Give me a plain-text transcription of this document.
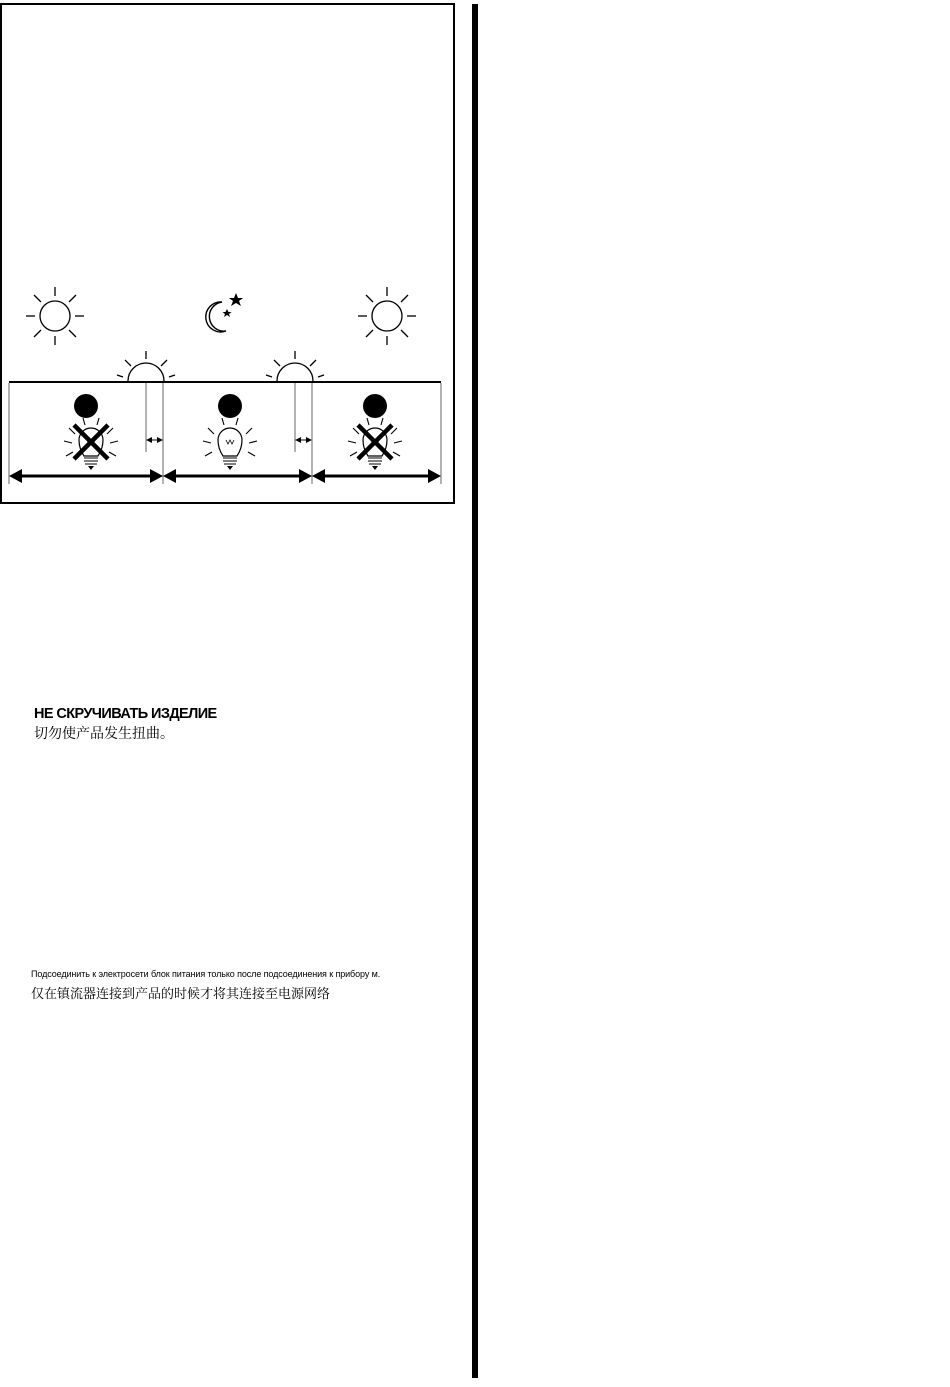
НЕ СКРУЧИВАТЬ ИЗДЕЛИЕ
切勿使产品发生扭曲。
Подсоединить к электросети блок питания только после подсоединения к прибору м.
仅在镇流器连接到产品的时候才将其连接至电源网络
